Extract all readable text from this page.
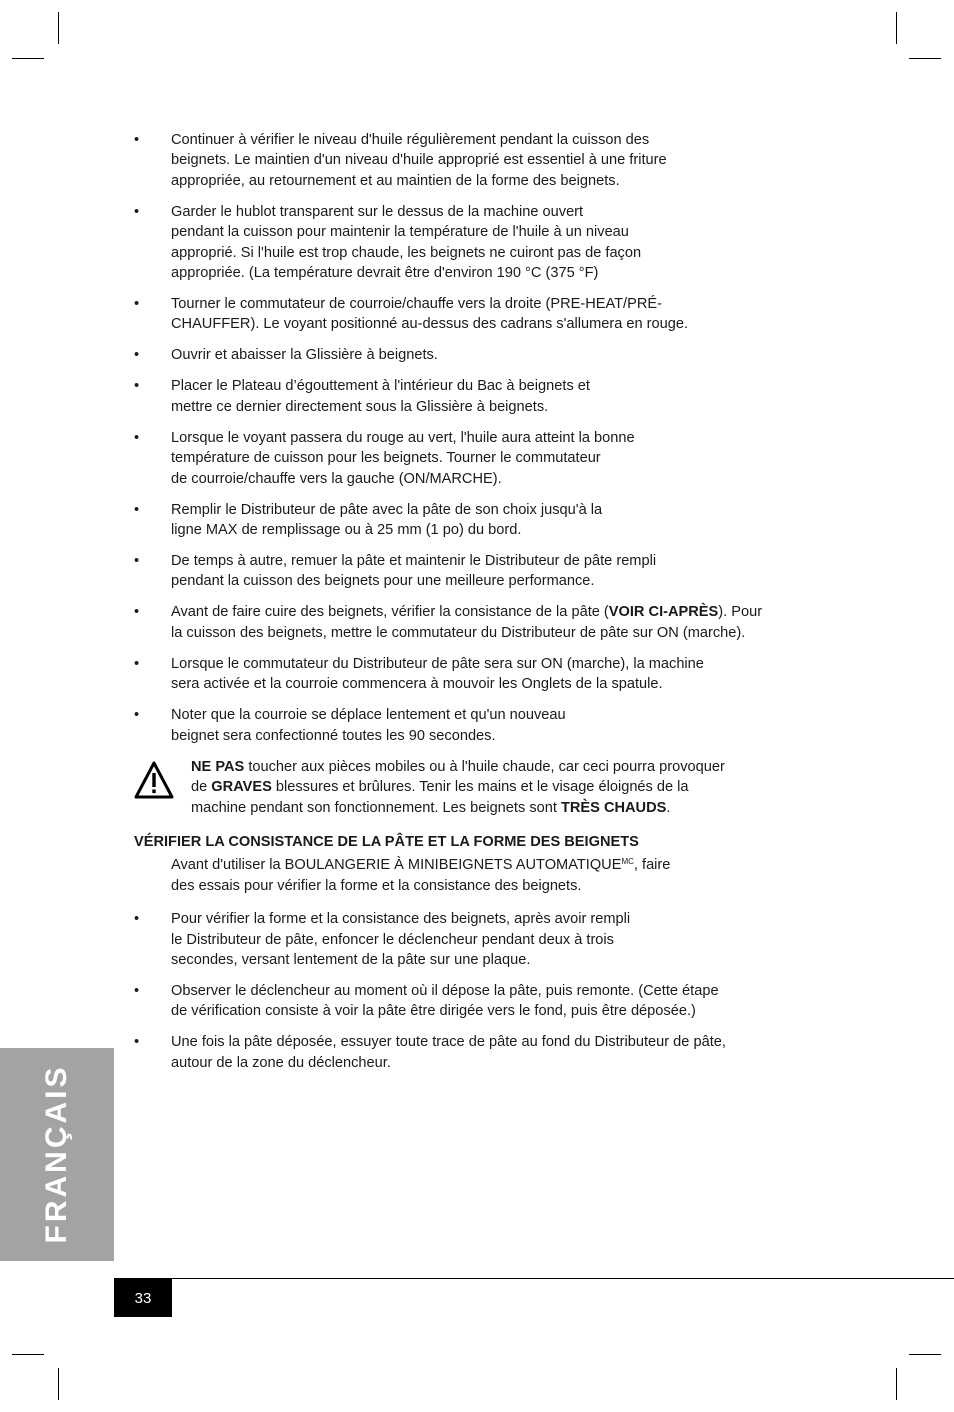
• Continuer à vérifier le niveau d'huile régulièrement pendant la cuisson des
beignets. Le maintien d'un niveau d'huile approprié est essentiel à une friture
appropriée, au retournement et au maintien de la forme des beignets.
• Garder le hublot transparent sur le dessus de la machine ouvert
pendant la cuisson pour maintenir la température de l'huile à un niveau
approprié. Si l'huile est trop chaude, les beignets ne cuiront pas de façon
appropriée. (La température devrait être d'environ 190 °C (375 °F)
• Tourner le commutateur de courroie/chauffe vers la droite (PRE-HEAT/PRÉ-
CHAUFFER). Le voyant positionné au-dessus des cadrans s'allumera en rouge.
• Ouvrir et abaisser la Glissière à beignets.
• Placer le Plateau d’égouttement à l'intérieur du Bac à beignets et
mettre ce dernier directement sous la Glissière à beignets.
• Lorsque le voyant passera du rouge au vert, l'huile aura atteint la bonne
température de cuisson pour les beignets. Tourner le commutateur
de courroie/chauffe vers la gauche (ON/MARCHE).
• Remplir le Distributeur de pâte avec la pâte de son choix jusqu'à la
ligne MAX de remplissage ou à 25 mm (1 po) du bord.
• De temps à autre, remuer la pâte et maintenir le Distributeur de pâte rempli
pendant la cuisson des beignets pour une meilleure performance.
• Avant de faire cuire des beignets, vérifier la consistance de la pâte (VOIR CI-APRÈS). Pour
la cuisson des beignets, mettre le commutateur du Distributeur de pâte sur ON (marche).
• Lorsque le commutateur du Distributeur de pâte sera sur ON (marche), la machine
sera activée et la courroie commencera à mouvoir les Onglets de la spatule.
• Noter que la courroie se déplace lentement et qu'un nouveau
beignet sera confectionné toutes les 90 secondes.
NE PAS toucher aux pièces mobiles ou à l'huile chaude, car ceci pourra provoquer
de GRAVES blessures et brûlures. Tenir les mains et le visage éloignés de la
machine pendant son fonctionnement. Les beignets sont TRÈS CHAUDS.
VÉRIFIER LA CONSISTANCE DE LA PÂTE ET LA FORME DES BEIGNETS
Avant d'utiliser la BOULANGERIE À MINIBEIGNETS $AUTOMATIQUE^{MC}$, faire
des essais pour vérifier la forme et la consistance des beignets.
• Pour vérifier la forme et la consistance des beignets, après avoir rempli
le Distributeur de pâte, enfoncer le déclencheur pendant deux à trois
secondes, versant lentement de la pâte sur une plaque.
• Observer le déclencheur au moment où il dépose la pâte, puis remonte. (Cette étape
de vérification consiste à voir la pâte être dirigée vers le fond, puis être déposée.)
• Une fois la pâte déposée, essuyer toute trace de pâte au fond du Distributeur de pâte,
autour de la zone du déclencheur.
FRANÇAIS
33
